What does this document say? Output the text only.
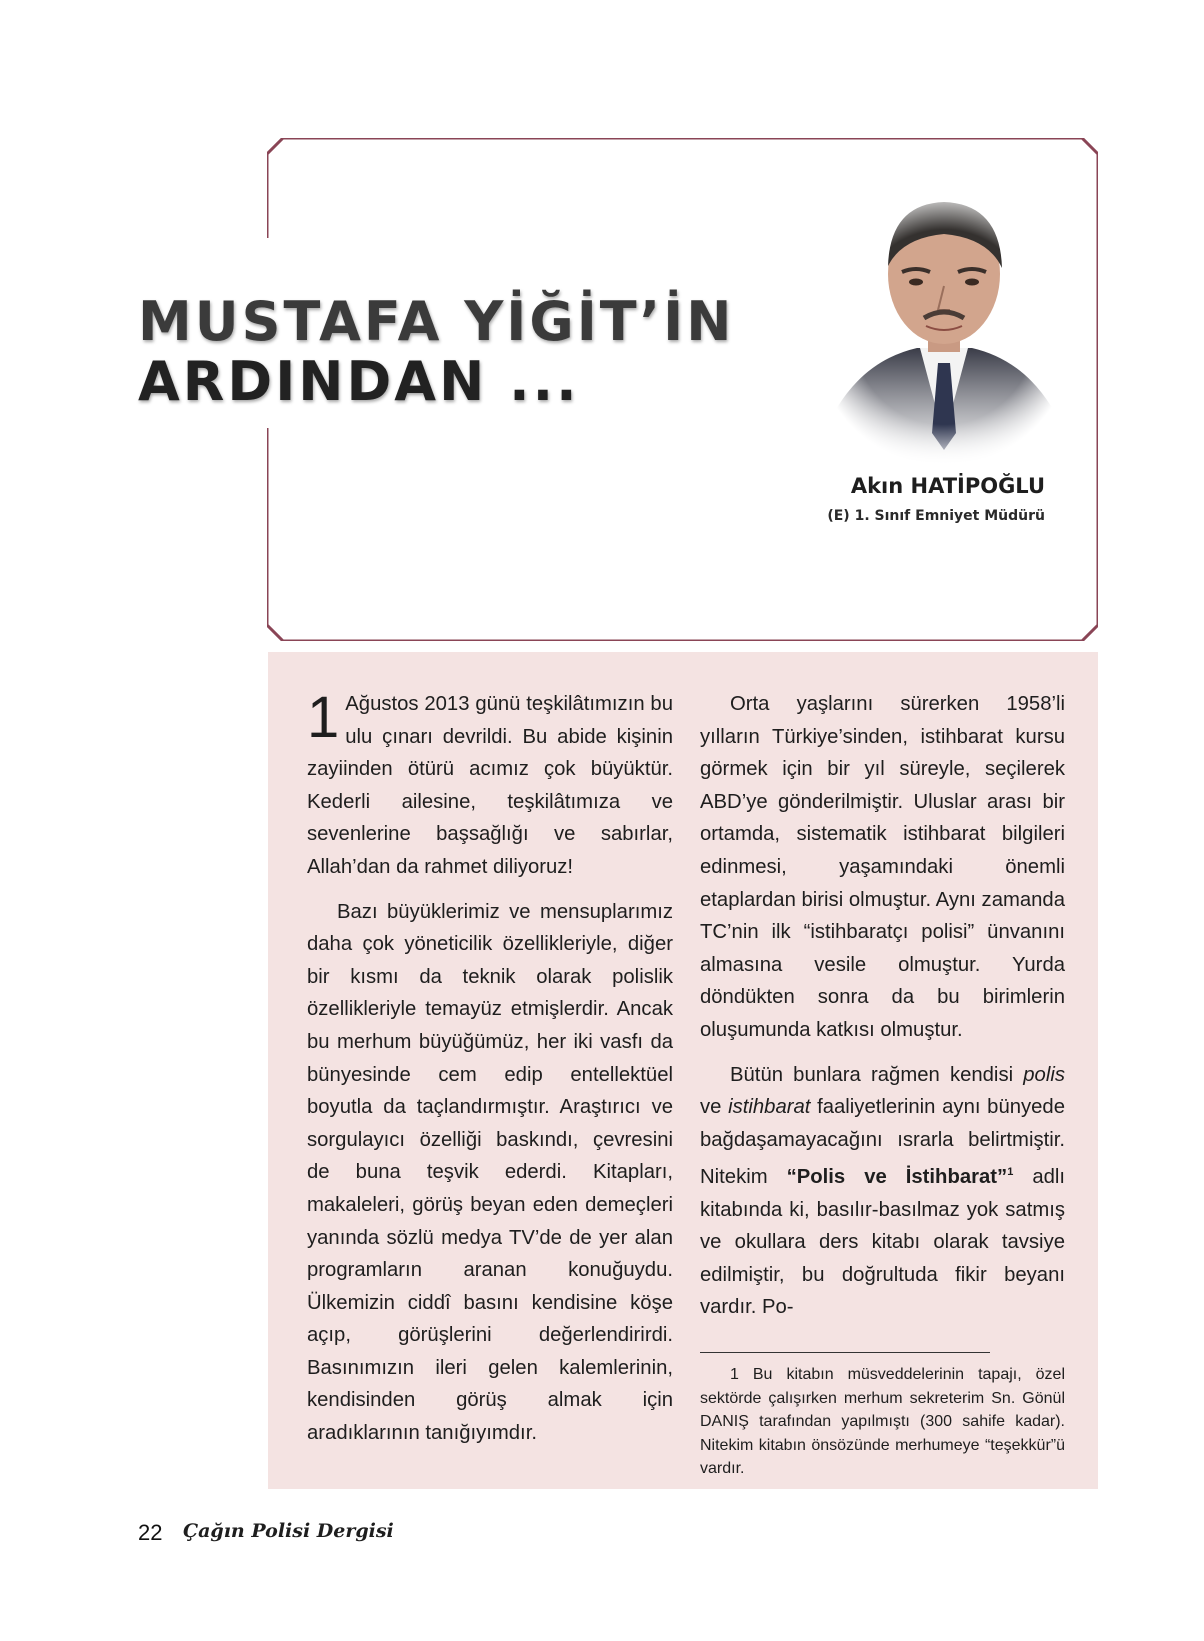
MUSTAFA YİĞİT’İN
ARDINDAN ...
Akın HATİPOĞLU
(E) 1. Sınıf Emniyet Müdürü

1 Ağustos 2013 günü teşkilâtımızın bu ulu çınarı devrildi. Bu abide kişinin zayiinden ötürü acımız çok büyüktür. Kederli ailesine, teşkilâtımıza ve sevenlerine başsağlığı ve sabırlar, Allah’dan da rahmet diliyoruz!

Bazı büyüklerimiz ve mensuplarımız daha çok yöneticilik özellikleriyle, diğer bir kısmı da teknik olarak polislik özellikleriyle temayüz etmişlerdir. Ancak bu merhum büyüğümüz, her iki vasfı da bünyesinde cem edip entellektüel boyutla da taçlandırmıştır. Araştırıcı ve sorgulayıcı özelliği baskındı, çevresini de buna teşvik ederdi. Kitapları, makaleleri, görüş beyan eden demeçleri yanında sözlü medya TV’de de yer alan programların aranan konuğuydu. Ülkemizin ciddî basını kendisine köşe açıp, görüşlerini değerlendirirdi. Basınımızın ileri gelen kalemlerinin, kendisinden görüş almak için aradıklarının tanığıyımdır.

Orta yaşlarını sürerken 1958’li yılların Türkiye’sinden, istihbarat kursu görmek için bir yıl süreyle, seçilerek ABD’ye gönderilmiştir. Uluslar arası bir ortamda, sistematik istihbarat bilgileri edinmesi, yaşamındaki önemli etaplardan birisi olmuştur. Aynı zamanda TC’nin ilk “istihbaratçı polisi” ünvanını almasına vesile olmuştur. Yurda döndükten sonra da bu birimlerin oluşumunda katkısı olmuştur.

Bütün bunlara rağmen kendisi polis ve istihbarat faaliyetlerinin aynı bünyede bağdaşamayacağını ısrarla belirtmiştir. Nitekim “Polis ve İstihbarat”$^1$ adlı kitabında ki, basılır-basılmaz yok satmış ve okullara ders kitabı olarak tavsiye edilmiştir, bu doğrultuda fikir beyanı vardır. Po-

1 Bu kitabın müsveddelerinin tapajı, özel sektörde çalışırken merhum sekreterim Sn. Gönül DANIŞ tarafından yapılmıştı (300 sahife kadar). Nitekim kitabın önsözünde merhumeye “teşekkür”ü vardır.

22 Çağın Polisi Dergisi
